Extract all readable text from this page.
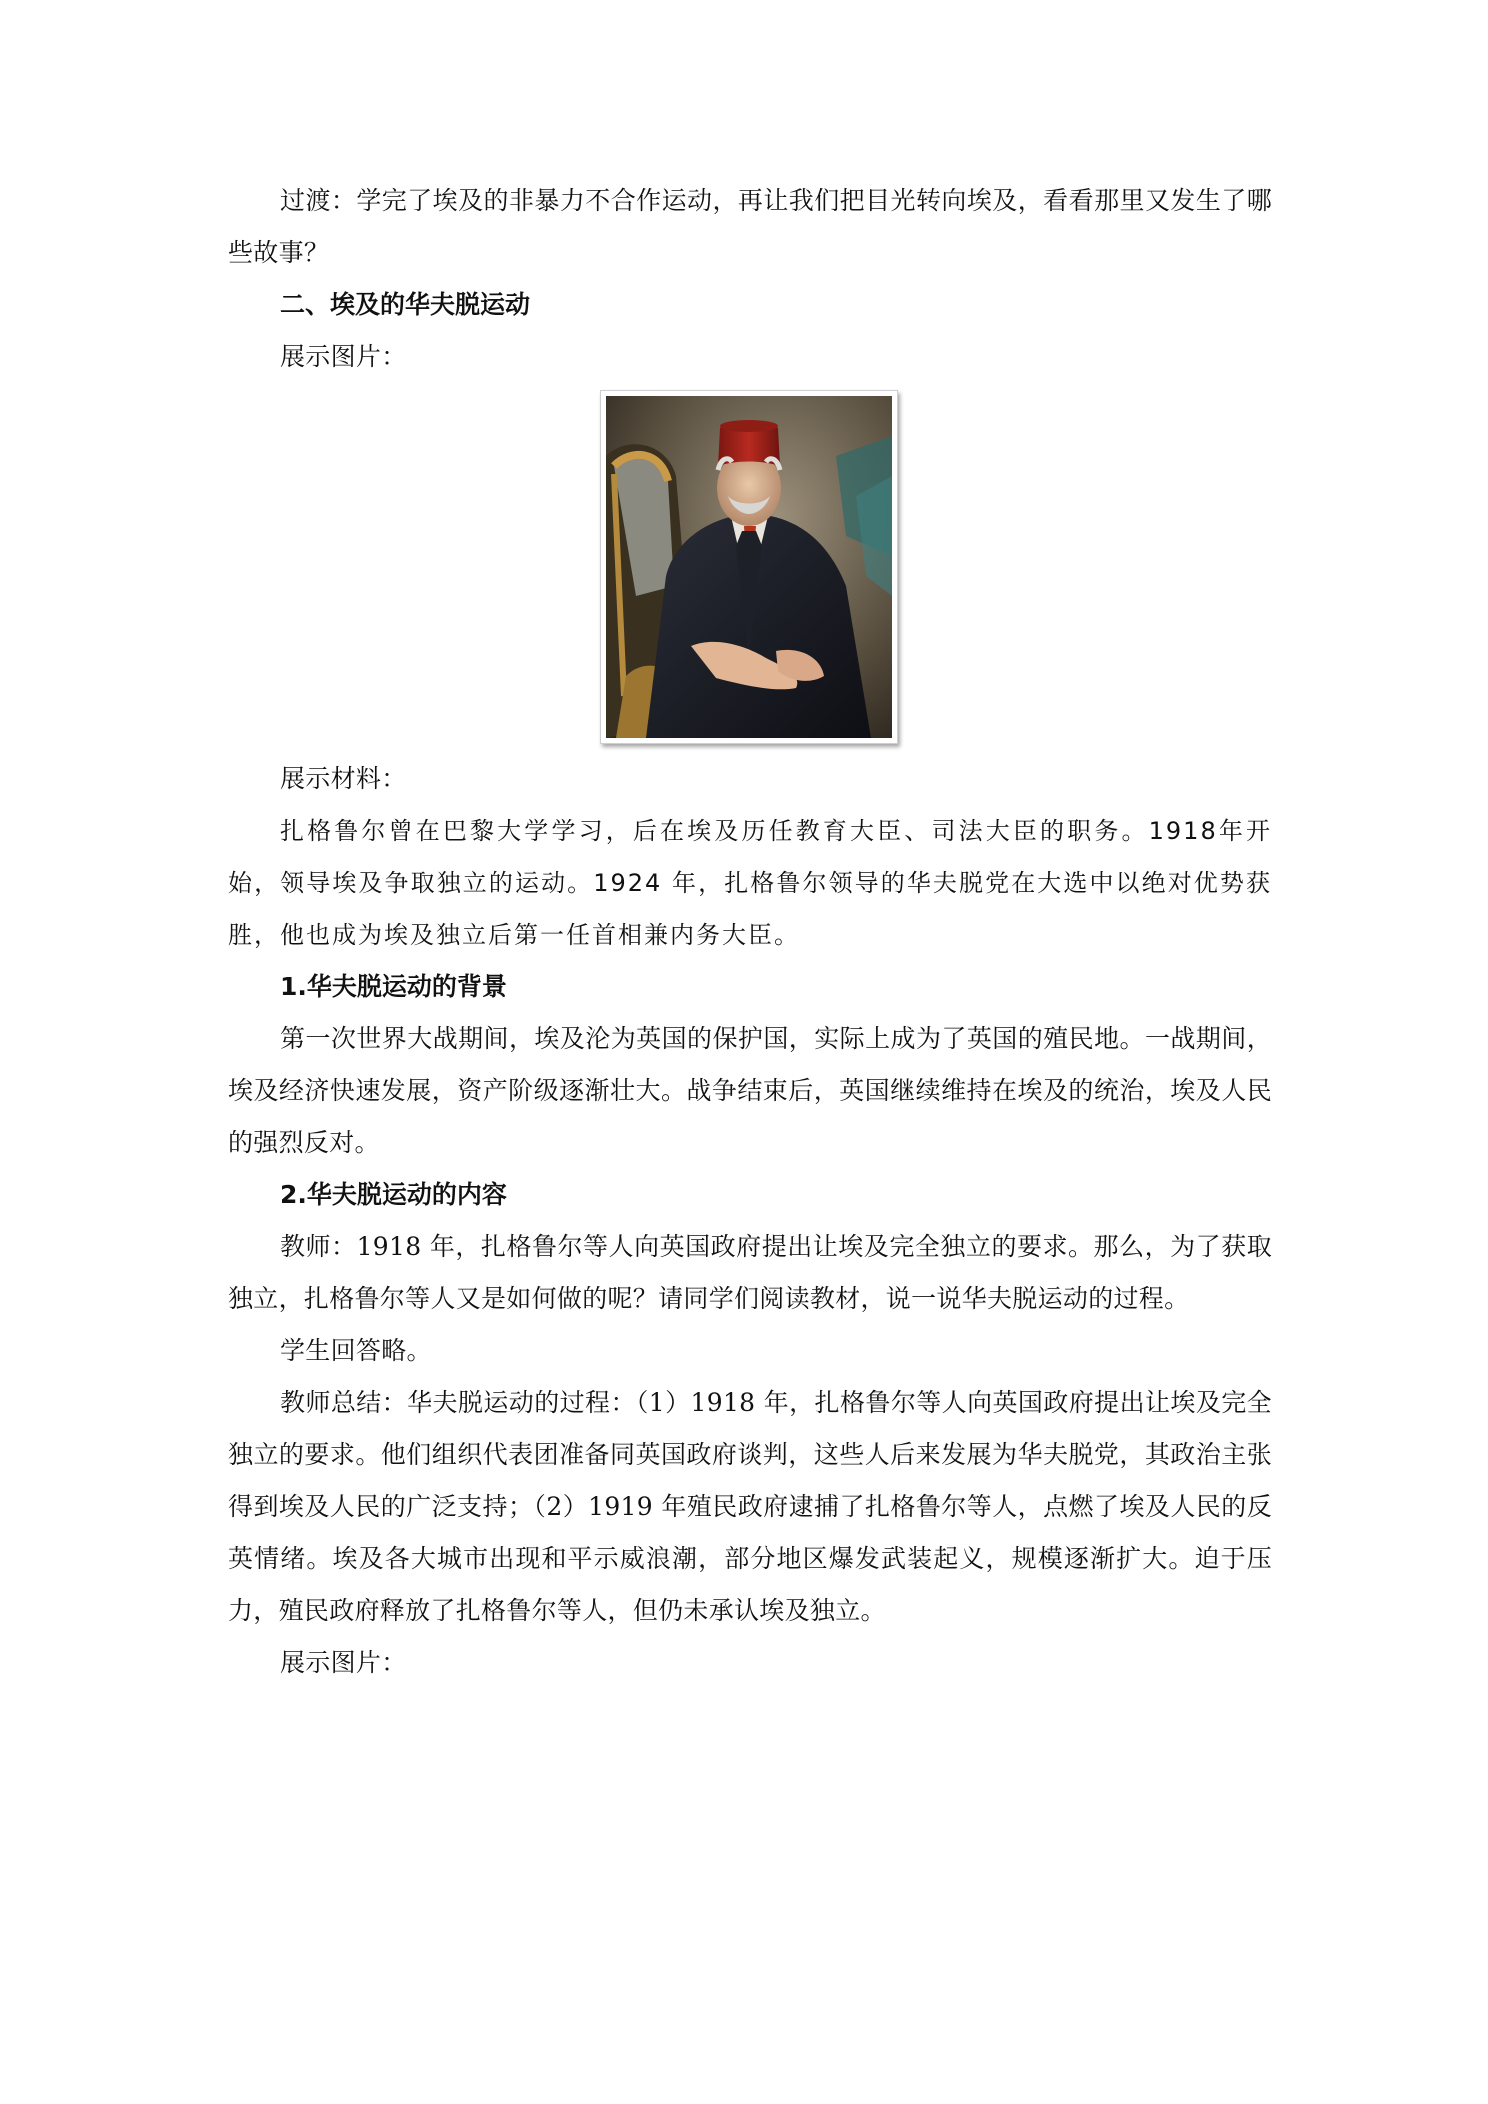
过渡：学完了埃及的非暴力不合作运动，再让我们把目光转向埃及，看看那里又发生了哪些故事？

二、埃及的华夫脱运动

展示图片：

展示材料：

扎格鲁尔曾在巴黎大学学习，后在埃及历任教育大臣、司法大臣的职务。1918年开始，领导埃及争取独立的运动。1924 年，扎格鲁尔领导的华夫脱党在大选中以绝对优势获胜，他也成为埃及独立后第一任首相兼内务大臣。

1.华夫脱运动的背景

第一次世界大战期间，埃及沦为英国的保护国，实际上成为了英国的殖民地。一战期间，埃及经济快速发展，资产阶级逐渐壮大。战争结束后，英国继续维持在埃及的统治，埃及人民的强烈反对。

2.华夫脱运动的内容

教师：1918 年，扎格鲁尔等人向英国政府提出让埃及完全独立的要求。那么，为了获取独立，扎格鲁尔等人又是如何做的呢？请同学们阅读教材，说一说华夫脱运动的过程。

学生回答略。

教师总结：华夫脱运动的过程：（1）1918 年，扎格鲁尔等人向英国政府提出让埃及完全独立的要求。他们组织代表团准备同英国政府谈判，这些人后来发展为华夫脱党，其政治主张得到埃及人民的广泛支持；（2）1919 年殖民政府逮捕了扎格鲁尔等人，点燃了埃及人民的反英情绪。埃及各大城市出现和平示威浪潮，部分地区爆发武装起义，规模逐渐扩大。迫于压力，殖民政府释放了扎格鲁尔等人，但仍未承认埃及独立。

展示图片：
